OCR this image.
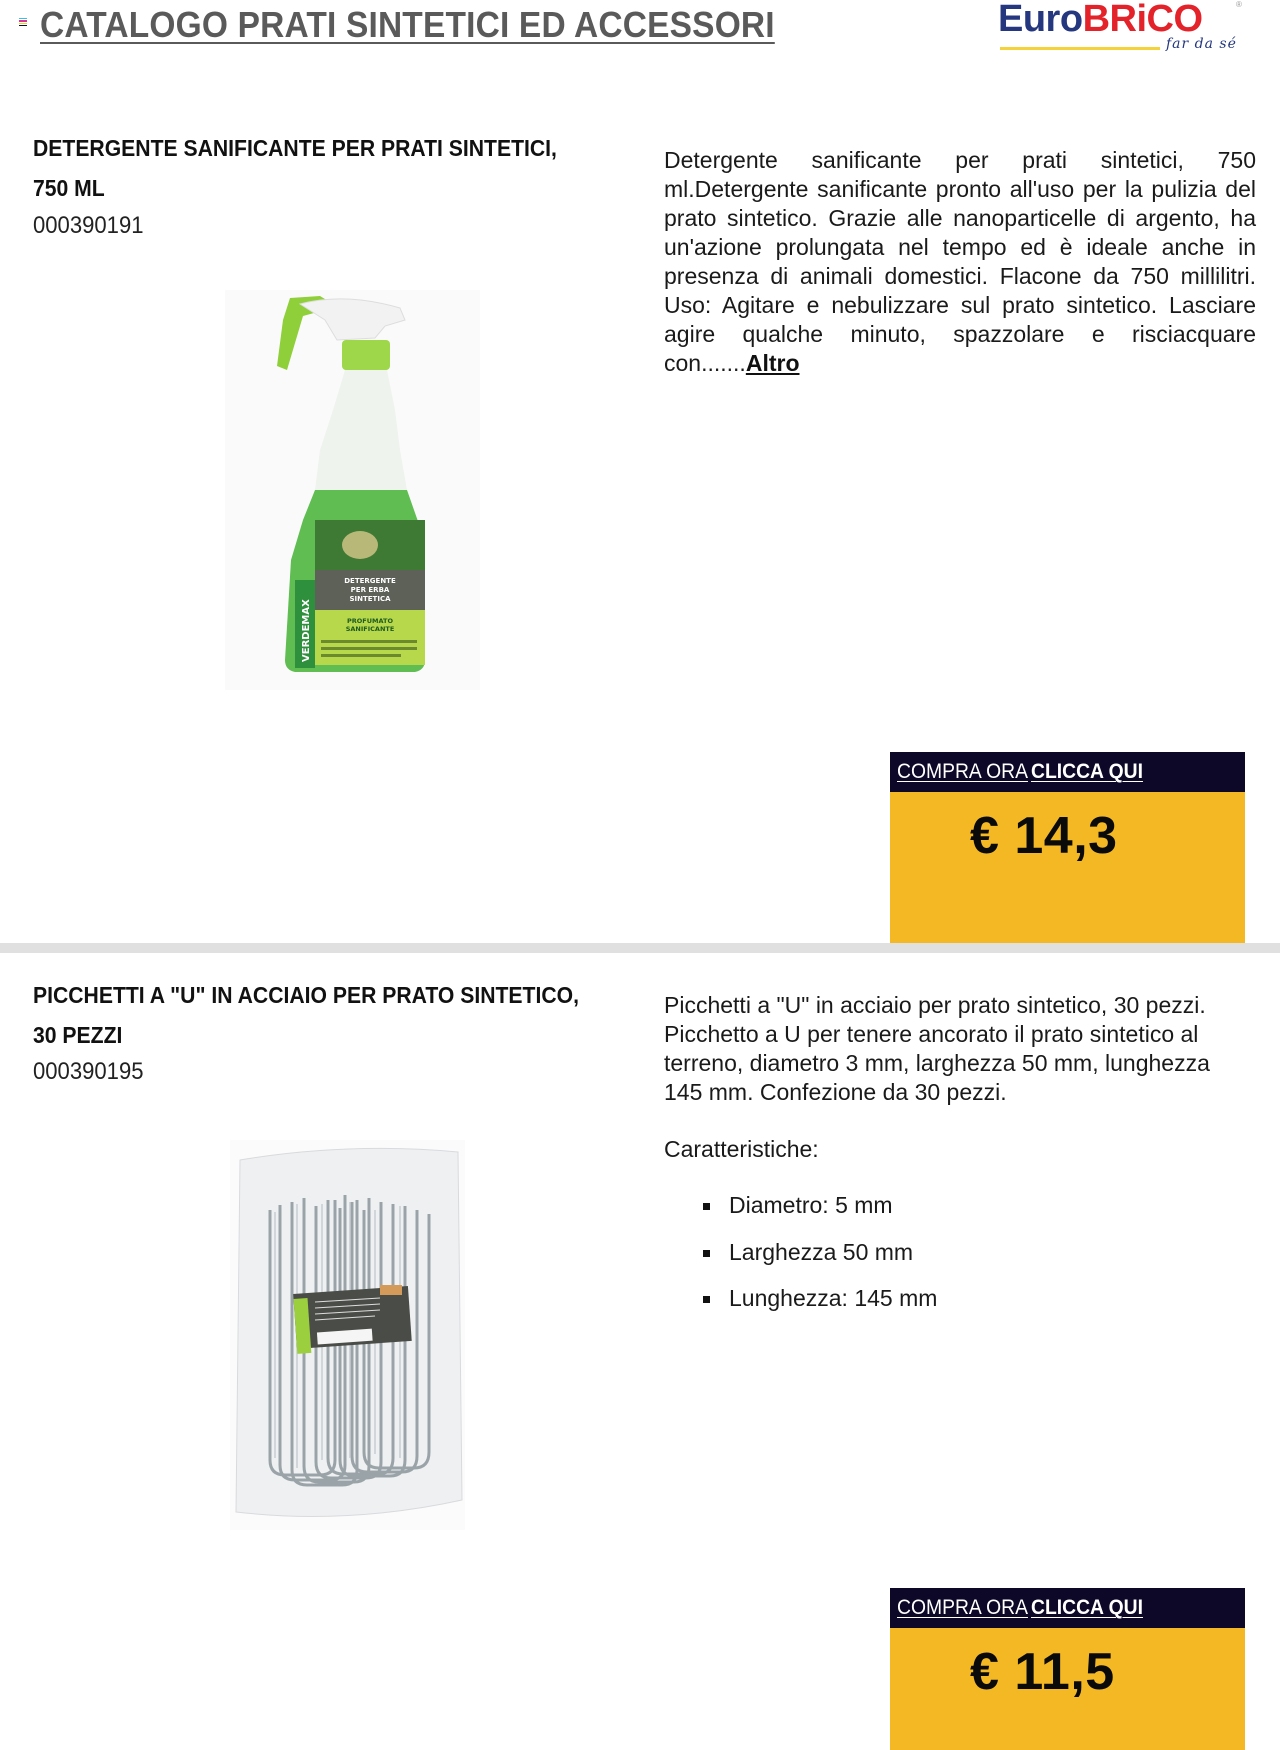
CATALOGO PRATI SINTETICI ED ACCESSORI	EuroBRiCO	®
far da sé
DETERGENTE SANIFICANTE PER PRATI SINTETICI,
750 ML
000390191
DETERGENTE
PER ERBA
SINTETICA
PROFUMATO
SANIFICANTE
VERDEMAX
Detergente sanificante per prati sintetici, 750 ml.Detergente sanificante pronto all'uso per la pulizia del prato sintetico. Grazie alle nanoparticelle di argento, ha un'azione prolungata nel tempo ed è ideale anche in presenza di animali domestici. Flacone da 750 millilitri. Uso: Agitare e nebulizzare sul prato sintetico. Lasciare agire qualche minuto, spazzolare e risciacquare con.......Altro
COMPRA ORA CLICCA QUI
€ 14,3
PICCHETTI A "U" IN ACCIAIO PER PRATO SINTETICO,
30 PEZZI
000390195
Picchetti a "U" in acciaio per prato sintetico, 30 pezzi.
Picchetto a U per tenere ancorato il prato sintetico al
terreno, diametro 3 mm, larghezza 50 mm, lunghezza
145 mm. Confezione da 30 pezzi.
Caratteristiche:
Diametro: 5 mm
Larghezza 50 mm
Lunghezza: 145 mm
COMPRA ORA CLICCA QUI
€ 11,5
